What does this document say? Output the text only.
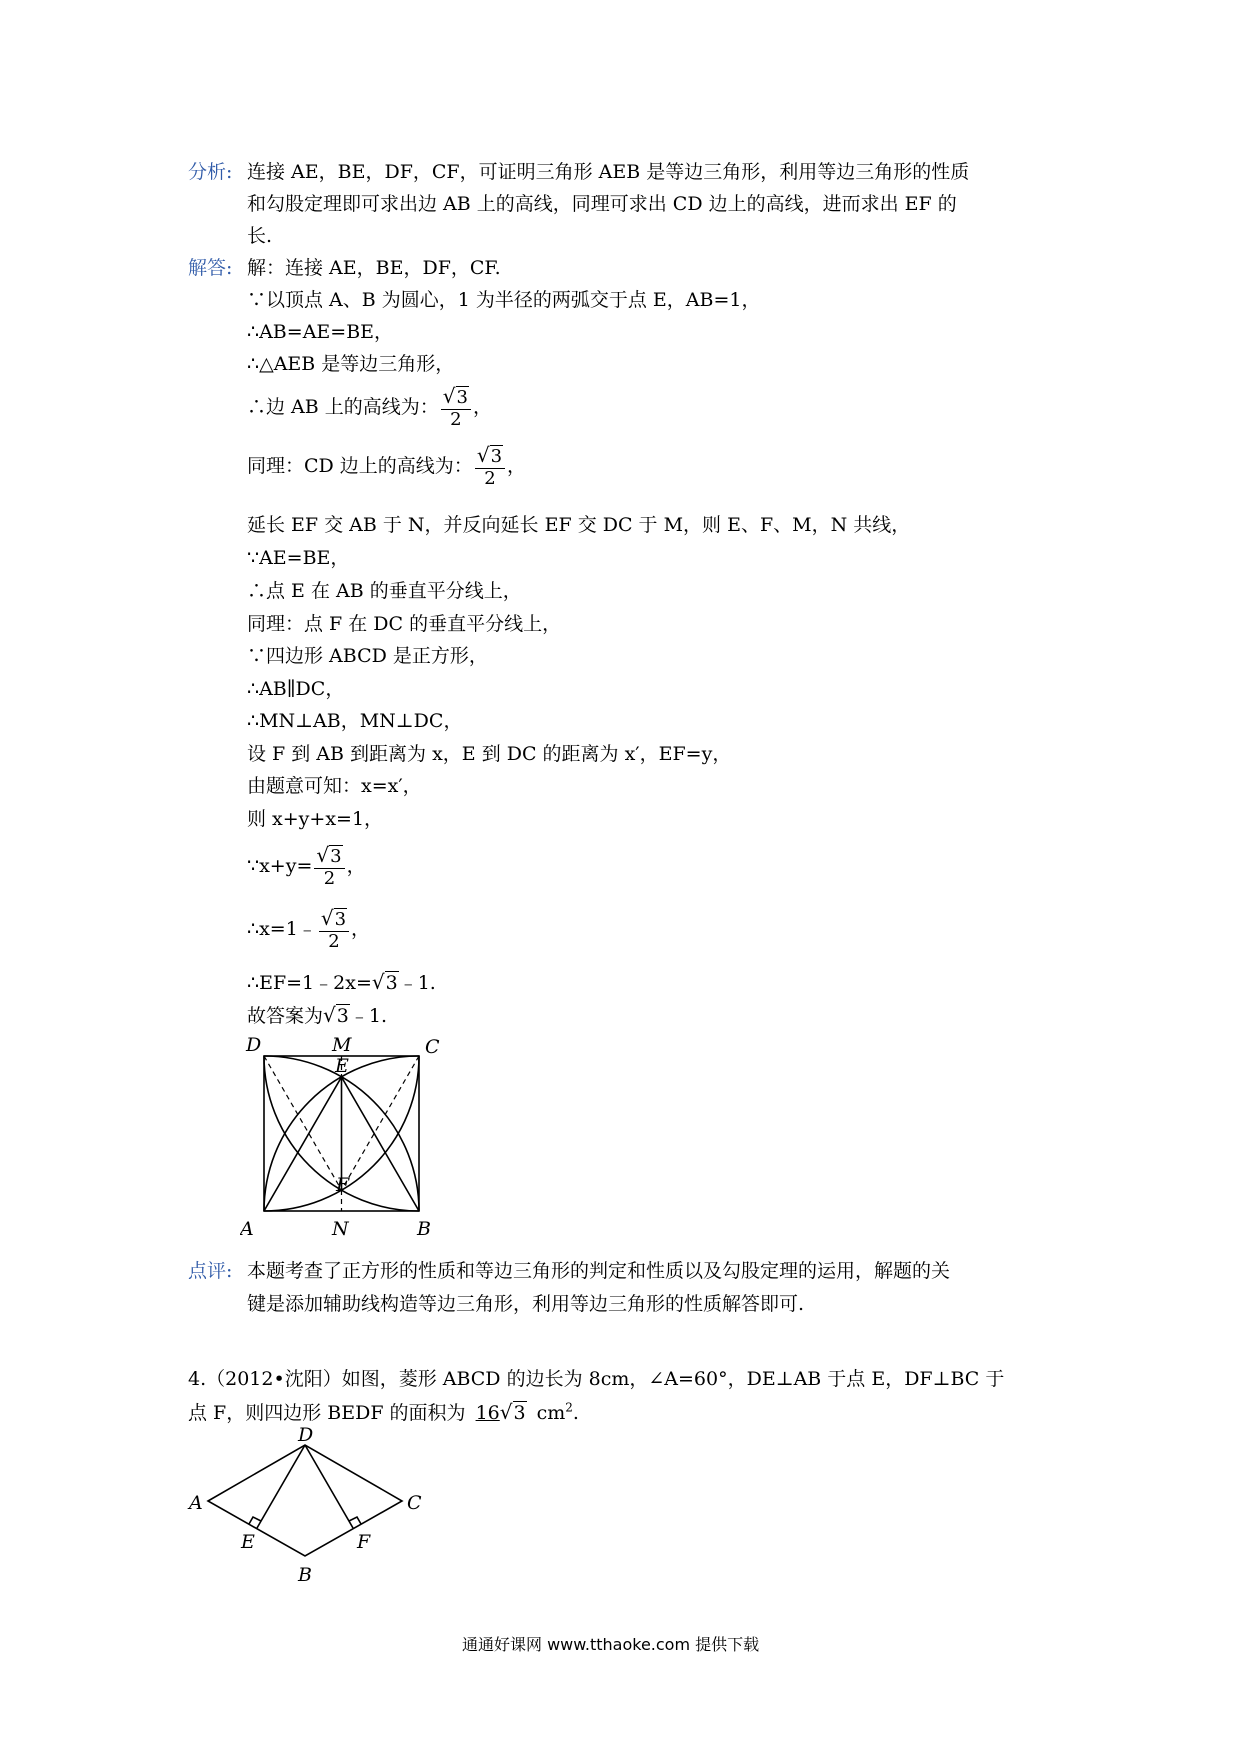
分析: 连接 AE，BE，DF，CF，可证明三角形 AEB 是等边三角形，利用等边三角形的性质
和勾股定理即可求出边 AB 上的高线，同理可求出 CD 边上的高线，进而求出 EF 的
长.
解答: 解：连接 AE，BE，DF，CF.
∵以顶点 A、B 为圆心，1 为半径的两弧交于点 E，AB=1，
∴AB=AE=BE，
∴△AEB 是等边三角形，
∴边 AB 上的高线为： $\frac{√3}{2}$ ，
同理：CD 边上的高线为： $\frac{√3}{2}$ ，
延长 EF 交 AB 于 N，并反向延长 EF 交 DC 于 M，则 E、F、M，N 共线，
∵AE=BE，
∴点 E 在 AB 的垂直平分线上，
同理：点 F 在 DC 的垂直平分线上，
∵四边形 ABCD 是正方形，
∴AB∥DC，
∴MN⊥AB，MN⊥DC，
设 F 到 AB 到距离为 x，E 到 DC 的距离为 x′，EF=y，
由题意可知：x=x′，
则 x+y+x=1，
∵x+y= $\frac{√3}{2}$ ，
∴x=1﹣ $\frac{√3}{2}$ ，
∴EF=1﹣2x=√3﹣1.
故答案为√3﹣1.
D	M	C
E
F
A	N	B
点评: 本题考查了正方形的性质和等边三角形的判定和性质以及勾股定理的运用，解题的关
键是添加辅助线构造等边三角形，利用等边三角形的性质解答即可.
4.（2012•沈阳）如图，菱形 ABCD 的边长为 8cm，∠A=60°，DE⊥AB 于点 E，DF⊥BC 于
点 F，则四边形 BEDF 的面积为 16√3 $cm^2$.
D
A	C
E	F
B
通通好课网 www.tthaoke.com 提供下载
